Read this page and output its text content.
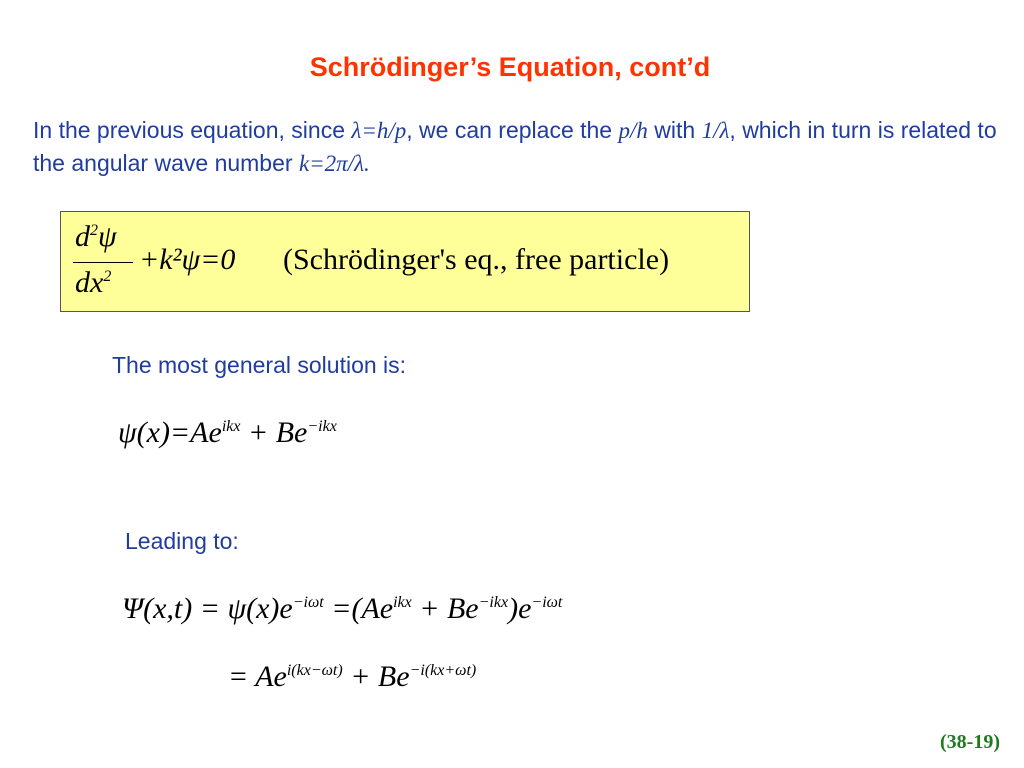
Schrödinger’s Equation, cont’d
In the previous equation, since λ=h/p, we can replace the p/h with 1/λ, which in turn is related to the angular wave number k=2π/λ.
$d^2\psi$
$dx^2$
+k²ψ=0 (Schrödinger's eq., free particle)
The most general solution is:
$\psi(x)=Ae^{ikx} + Be^{-ikx}$
Leading to:
$\Psi(x,t) = \psi(x)e^{-i\omega t} =(Ae^{ikx} + Be^{-ikx})e^{-i\omega t}$
= $Ae^{i(kx-\omega t)} + Be^{-i(kx+\omega t)}$
(38-19)
